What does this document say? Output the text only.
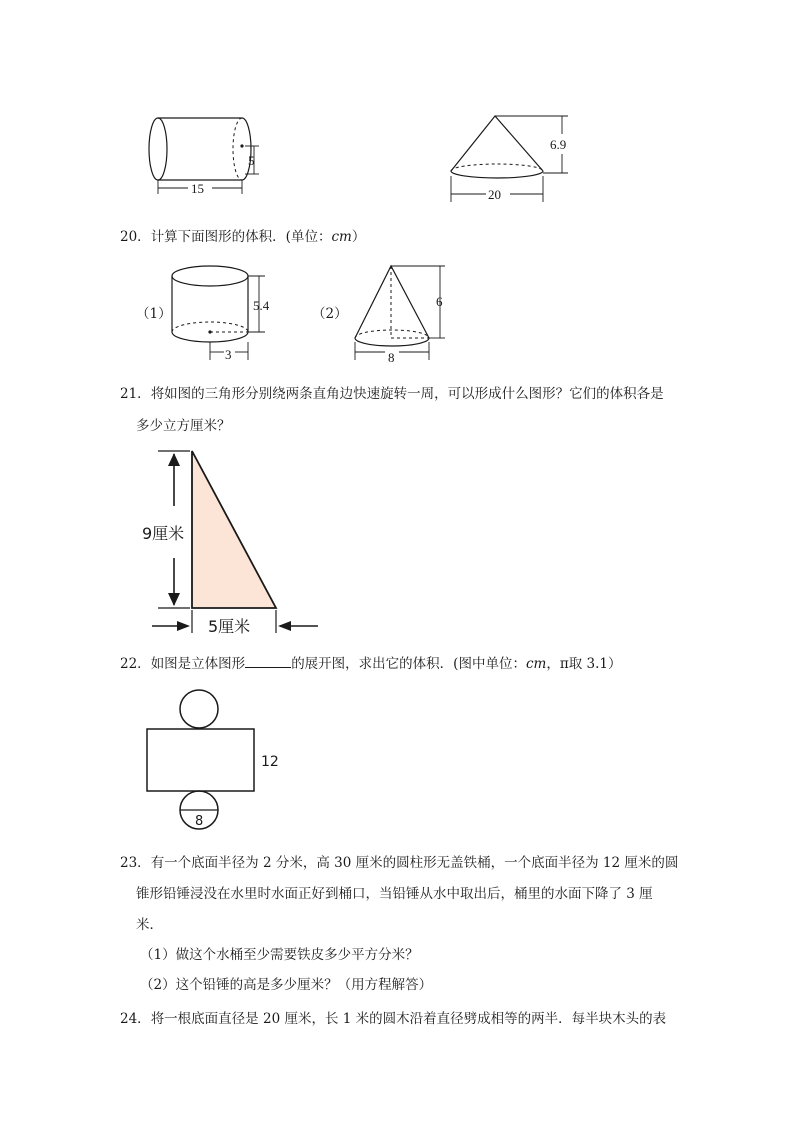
5
15
6.9
20
20．计算下面图形的体积．(单位：cm）
（1）
5.4
3
（2）
6
8
21．将如图的三角形分别绕两条直角边快速旋转一周，可以形成什么图形？它们的体积各是
多少立方厘米？
9厘米
5厘米
22．如图是立体图形	的展开图，求出它的体积．(图中单位：cm，π取 3.1）
12
8
23．有一个底面半径为 2 分米，高 30 厘米的圆柱形无盖铁桶，一个底面半径为 12 厘米的圆
锥形铅锤浸没在水里时水面正好到桶口，当铅锤从水中取出后，桶里的水面下降了 3 厘
米．
（1）做这个水桶至少需要铁皮多少平方分米？
（2）这个铅锤的高是多少厘米？（用方程解答）
24．将一根底面直径是 20 厘米，长 1 米的圆木沿着直径劈成相等的两半．每半块木头的表
